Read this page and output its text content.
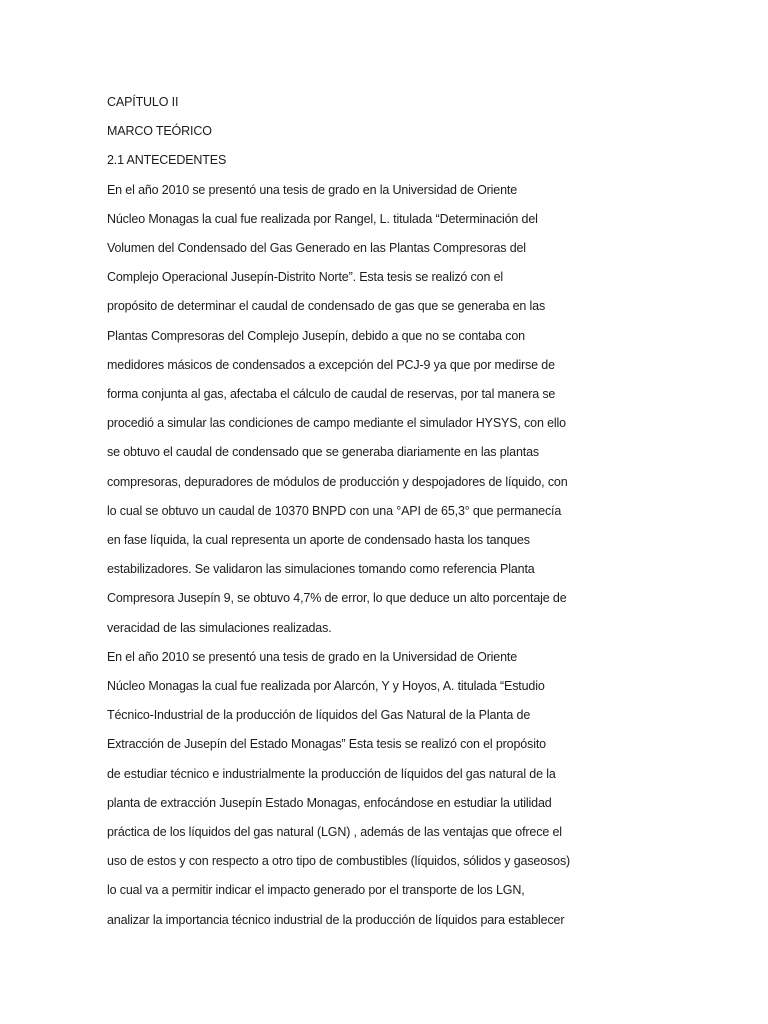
CAPÍTULO II
MARCO TEÓRICO
2.1 ANTECEDENTES
En el año 2010 se presentó una tesis de grado en la Universidad de Oriente
Núcleo Monagas la cual fue realizada por Rangel, L. titulada “Determinación del
Volumen del Condensado del Gas Generado en las Plantas Compresoras del
Complejo Operacional Jusepín-Distrito Norte”. Esta tesis se realizó con el
propósito de determinar el caudal de condensado de gas que se generaba en las
Plantas Compresoras del Complejo Jusepín, debido a que no se contaba con
medidores másicos de condensados a excepción del PCJ-9 ya que por medirse de
forma conjunta al gas, afectaba el cálculo de caudal de reservas, por tal manera se
procedió a simular las condiciones de campo mediante el simulador HYSYS, con ello
se obtuvo el caudal de condensado que se generaba diariamente en las plantas
compresoras, depuradores de módulos de producción y despojadores de líquido, con
lo cual se obtuvo un caudal de 10370 BNPD con una °API de 65,3° que permanecía
en fase líquida, la cual representa un aporte de condensado hasta los tanques
estabilizadores. Se validaron las simulaciones tomando como referencia Planta
Compresora Jusepín 9, se obtuvo 4,7% de error, lo que deduce un alto porcentaje de
veracidad de las simulaciones realizadas.
En el año 2010 se presentó una tesis de grado en la Universidad de Oriente
Núcleo Monagas la cual fue realizada por Alarcón, Y y Hoyos, A. titulada “Estudio
Técnico-Industrial de la producción de líquidos del Gas Natural de la Planta de
Extracción de Jusepín del Estado Monagas” Esta tesis se realizó con el propósito
de estudiar técnico e industrialmente la producción de líquidos del gas natural de la
planta de extracción Jusepín Estado Monagas, enfocándose en estudiar la utilidad
práctica de los líquidos del gas natural (LGN) , además de las ventajas que ofrece el
uso de estos y con respecto a otro tipo de combustibles (líquidos, sólidos y gaseosos)
lo cual va a permitir indicar el impacto generado por el transporte de los LGN,
analizar la importancia técnico industrial de la producción de líquidos para establecer
